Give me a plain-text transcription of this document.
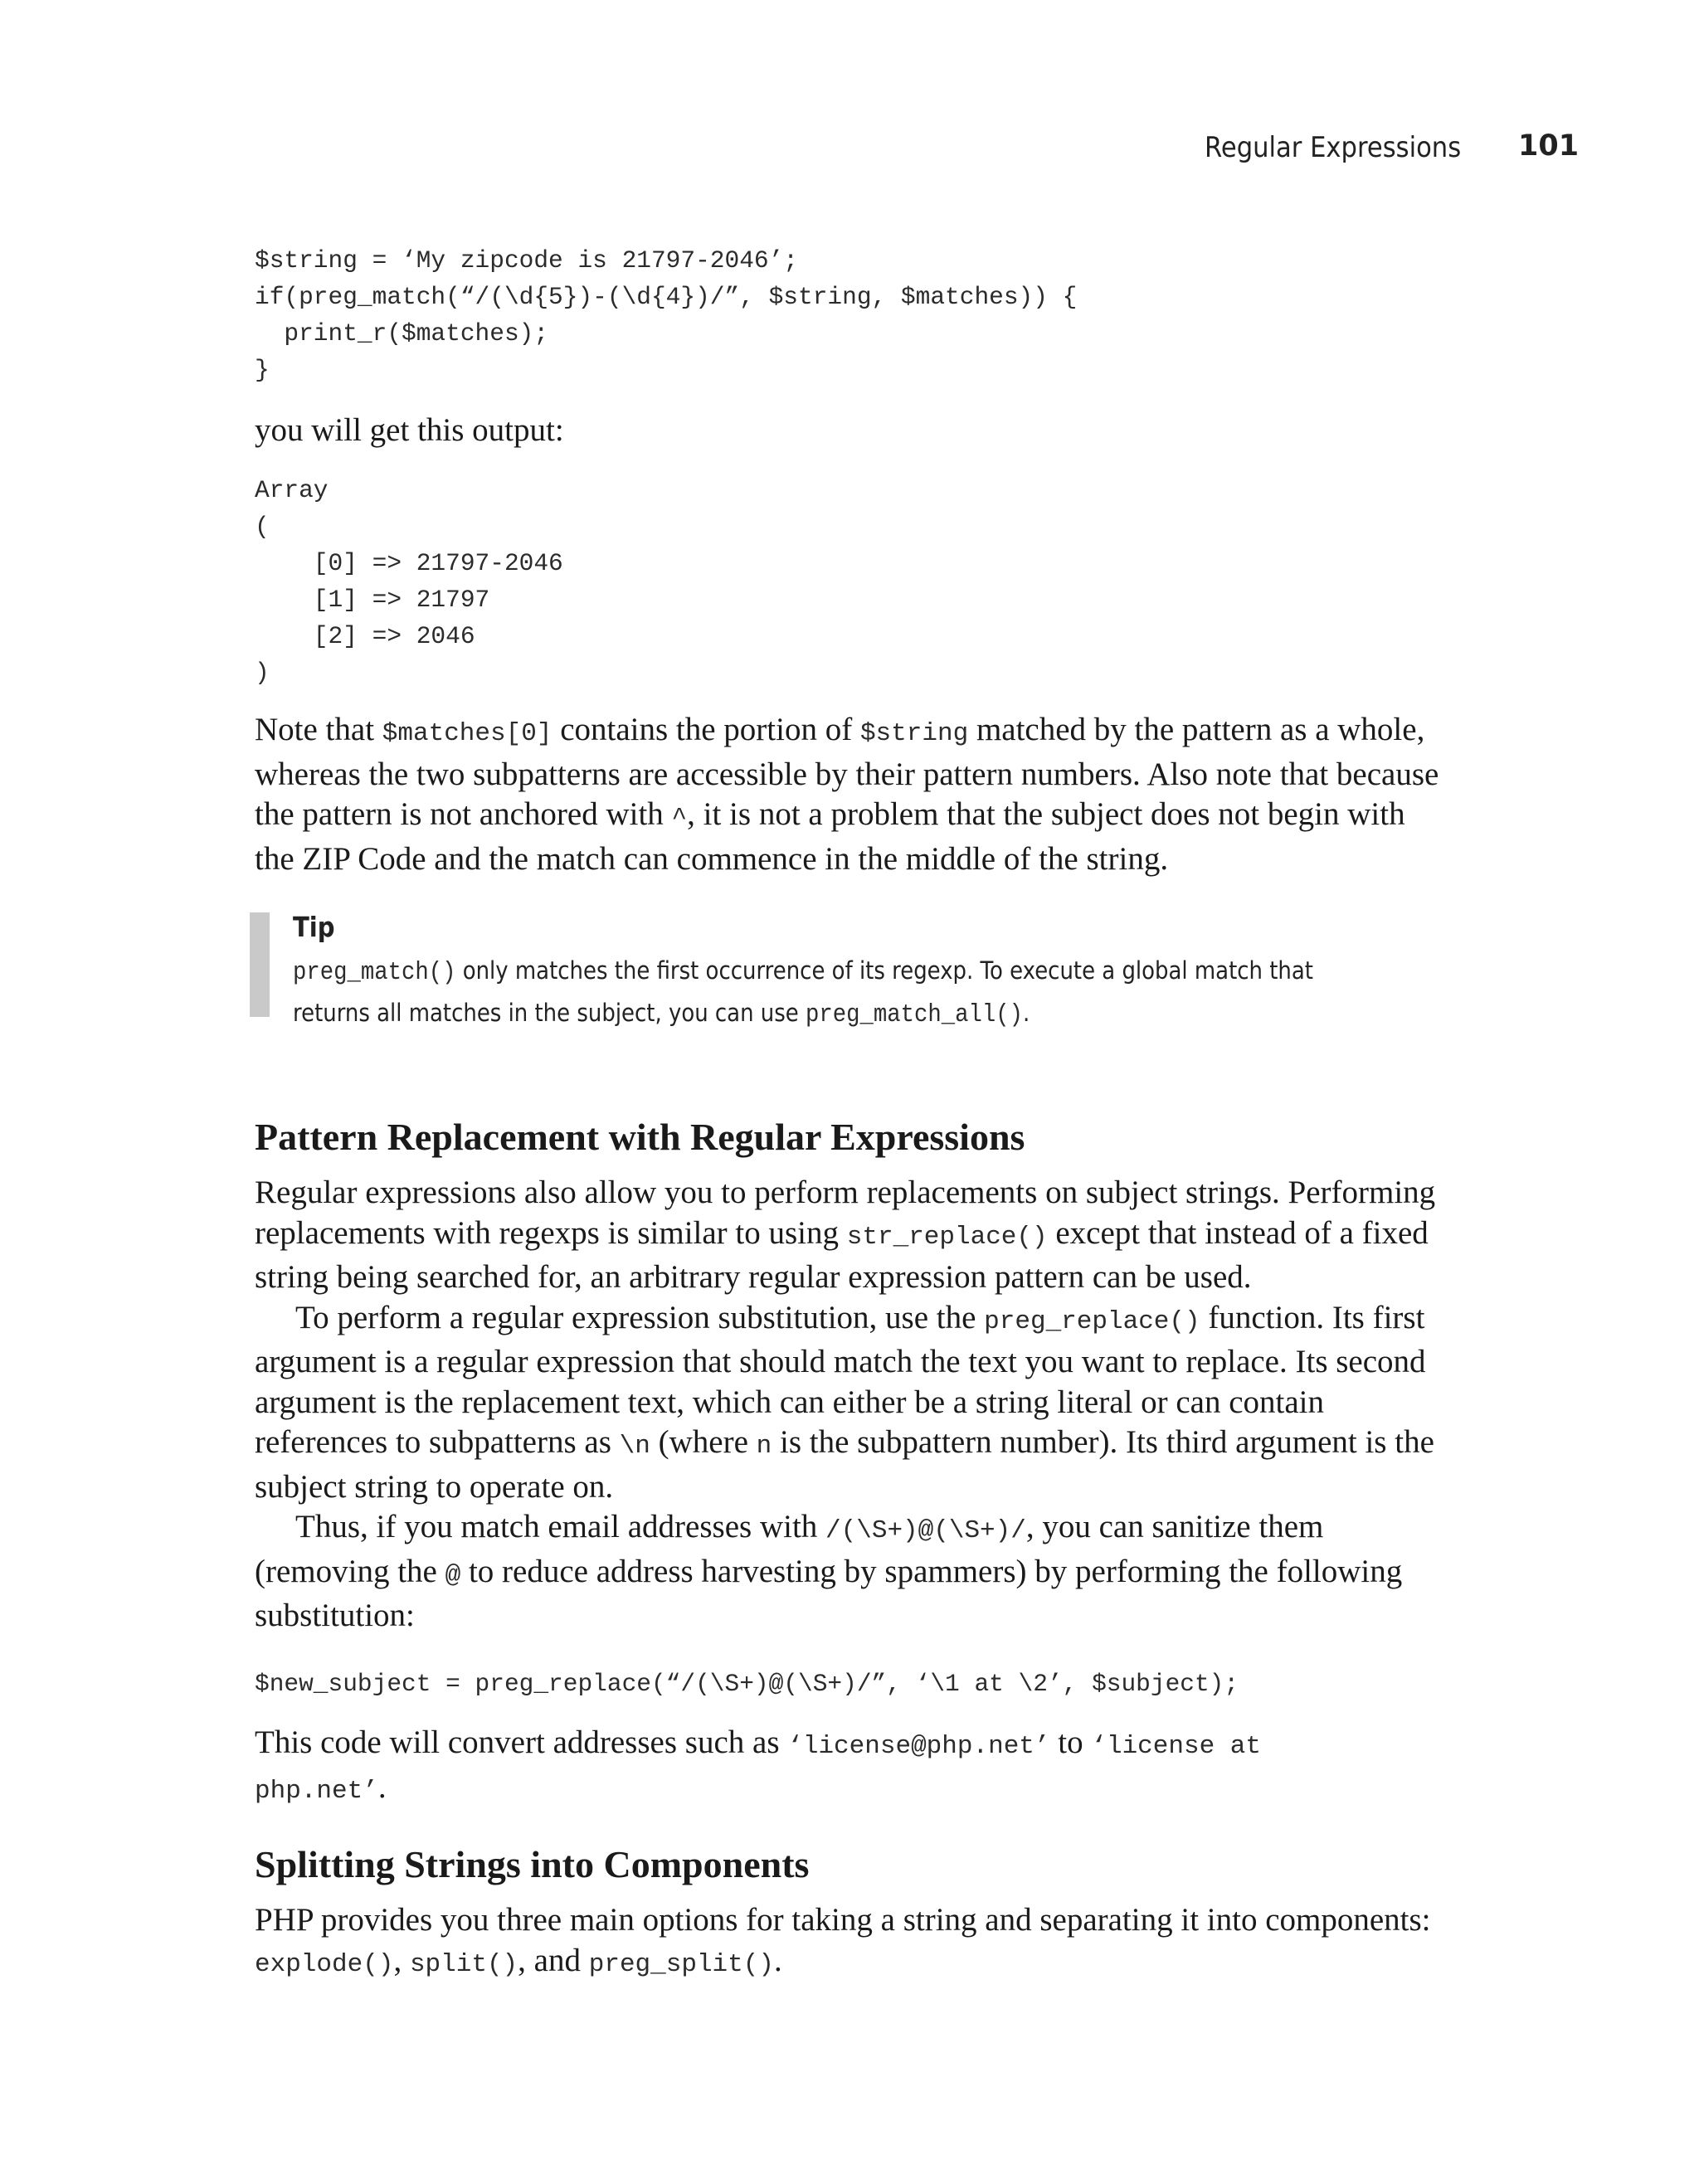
Regular Expressions 101
$string = ‘My zipcode is 21797-2046’;
if(preg_match(“/(\d{5})-(\d{4})/”, $string, $matches)) {
print_r($matches);
}

you will get this output:

Array
(
[0] => 21797-2046
[1] => 21797
[2] => 2046
)

Note that $matches[0] contains the portion of $string matched by the pattern as a whole, whereas the two subpatterns are accessible by their pattern numbers. Also note that because the pattern is not anchored with ^, it is not a problem that the subject does not begin with the ZIP Code and the match can commence in the middle of the string.

Tip
preg_match() only matches the first occurrence of its regexp. To execute a global match that returns all matches in the subject, you can use preg_match_all().
Pattern Replacement with Regular Expressions

Regular expressions also allow you to perform replacements on subject strings. Performing replacements with regexps is similar to using str_replace() except that instead of a fixed string being searched for, an arbitrary regular expression pattern can be used.

To perform a regular expression substitution, use the preg_replace() function. Its first argument is a regular expression that should match the text you want to replace. Its second argument is the replacement text, which can either be a string literal or can contain references to subpatterns as \n (where n is the subpattern number). Its third argument is the subject string to operate on.

Thus, if you match email addresses with /(\S+)@(\S+)/, you can sanitize them (removing the @ to reduce address harvesting by spammers) by performing the following substitution:

$new_subject = preg_replace(“/(\S+)@(\S+)/”, ‘\1 at \2’, $subject);

This code will convert addresses such as ‘license@php.net’ to ‘license at php.net’.

Splitting Strings into Components

PHP provides you three main options for taking a string and separating it into components: explode(), split(), and preg_split().
